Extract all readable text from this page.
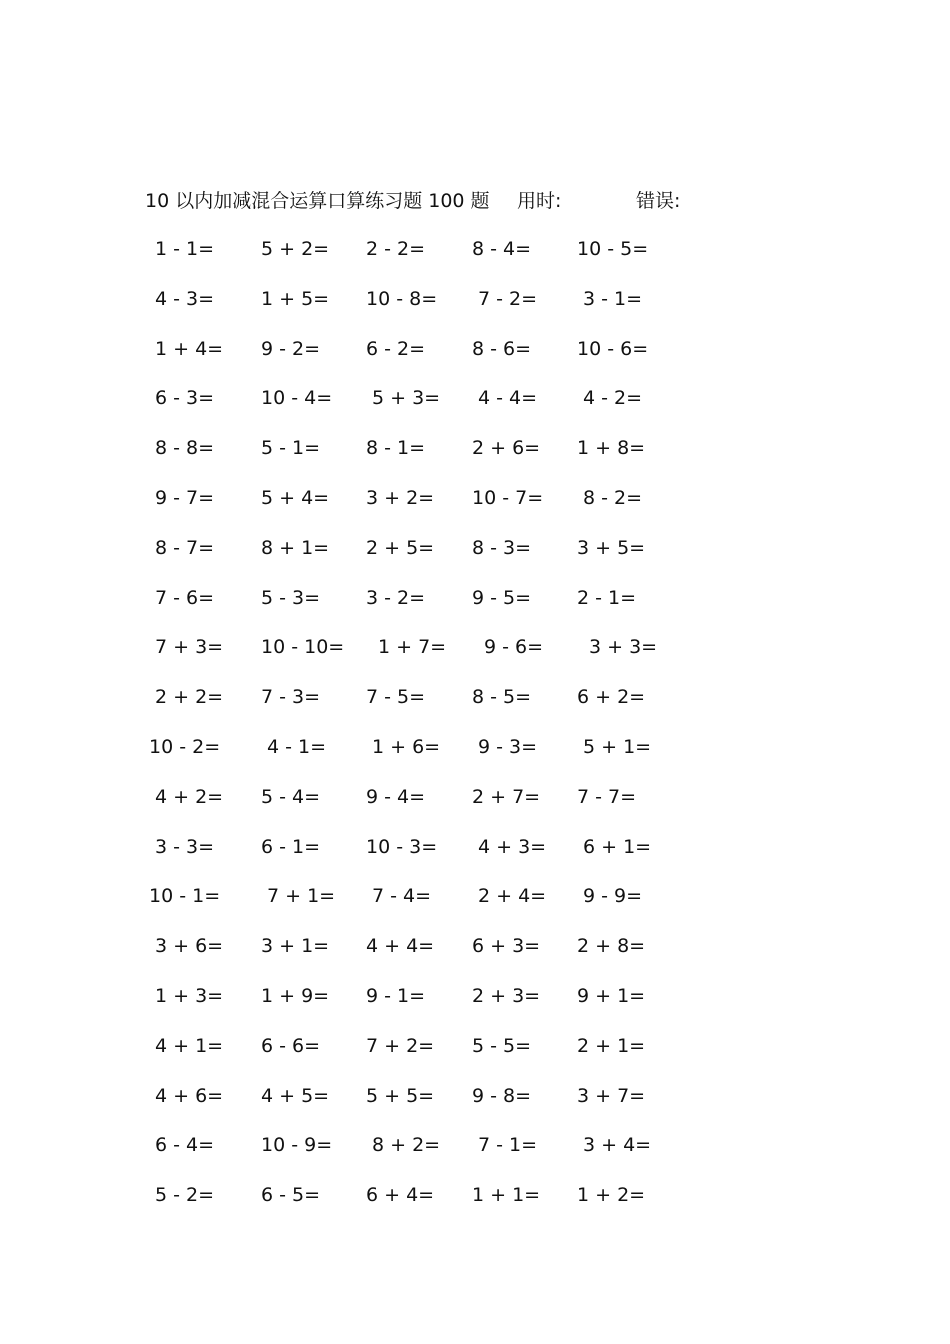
10 以内加减混合运算口算练习题 100 题 用时:	错误:
1 - 1= 5 + 2= 2 - 2= 8 - 4= 10 - 5=
4 - 3= 1 + 5= 10 - 8= 7 - 2= 3 - 1=
1 + 4= 9 - 2= 6 - 2= 8 - 6= 10 - 6=
6 - 3= 10 - 4= 5 + 3= 4 - 4= 4 - 2=
8 - 8= 5 - 1= 8 - 1= 2 + 6= 1 + 8=
9 - 7= 5 + 4= 3 + 2= 10 - 7= 8 - 2=
8 - 7= 8 + 1= 2 + 5= 8 - 3= 3 + 5=
7 - 6= 5 - 3= 3 - 2= 9 - 5= 2 - 1=
7 + 3= 10 - 10= 1 + 7= 9 - 6= 3 + 3=
2 + 2= 7 - 3= 7 - 5= 8 - 5= 6 + 2=
10 - 2= 4 - 1= 1 + 6= 9 - 3= 5 + 1=
4 + 2= 5 - 4= 9 - 4= 2 + 7= 7 - 7=
3 - 3= 6 - 1= 10 - 3= 4 + 3= 6 + 1=
10 - 1= 7 + 1= 7 - 4= 2 + 4= 9 - 9=
3 + 6= 3 + 1= 4 + 4= 6 + 3= 2 + 8=
1 + 3= 1 + 9= 9 - 1= 2 + 3= 9 + 1=
4 + 1= 6 - 6= 7 + 2= 5 - 5= 2 + 1=
4 + 6= 4 + 5= 5 + 5= 9 - 8= 3 + 7=
6 - 4= 10 - 9= 8 + 2= 7 - 1= 3 + 4=
5 - 2= 6 - 5= 6 + 4= 1 + 1= 1 + 2=
